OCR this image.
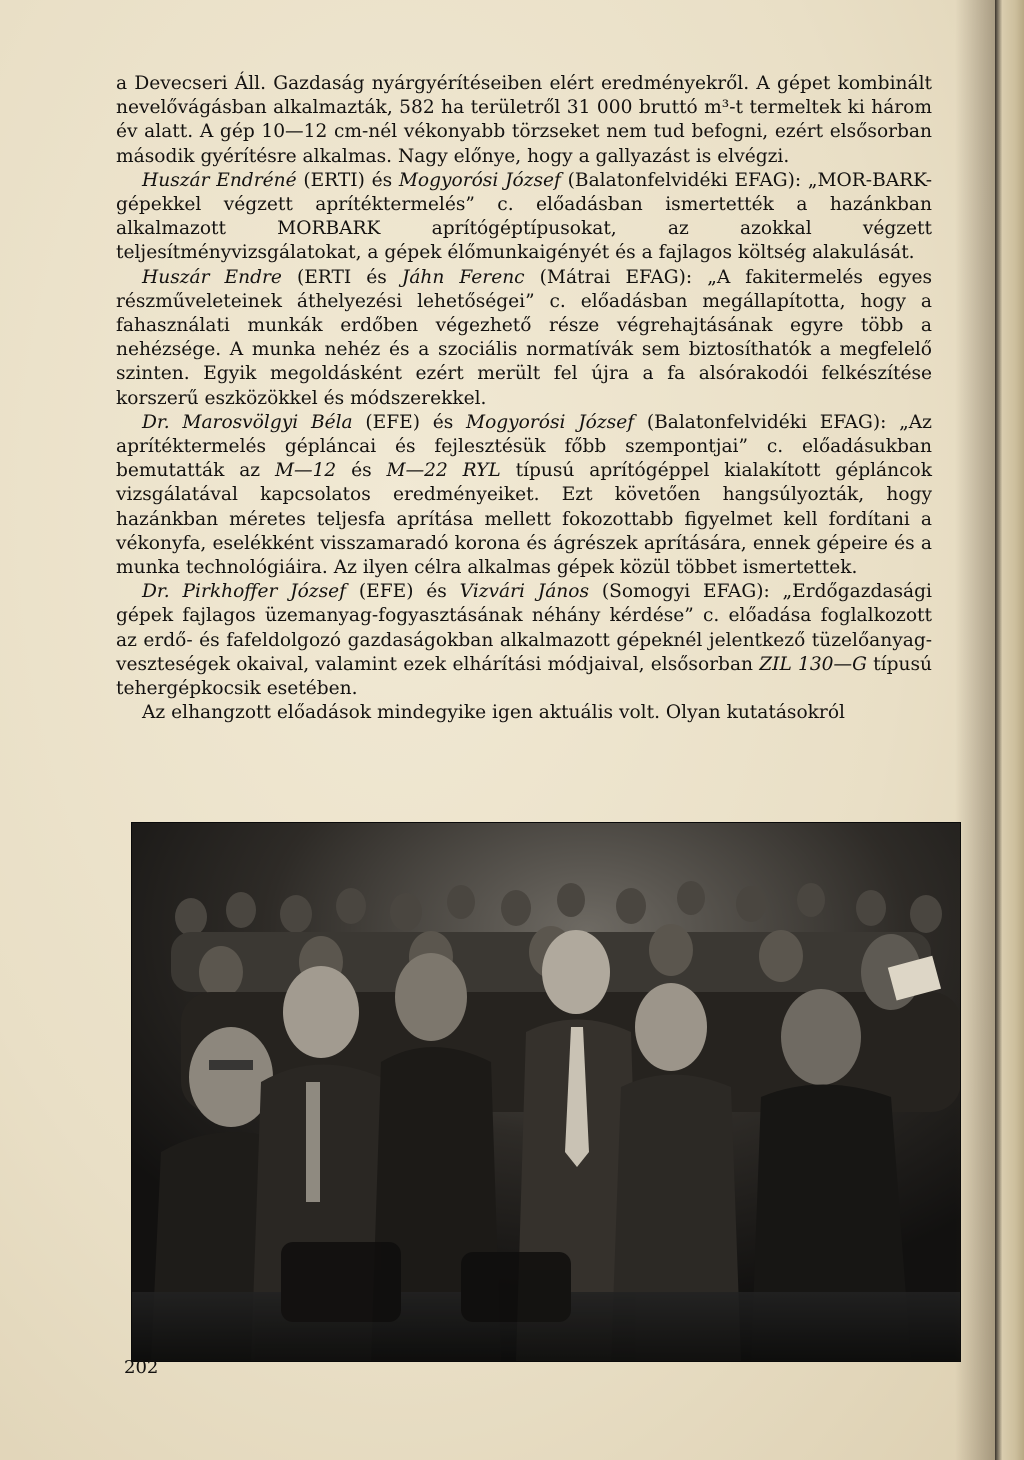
a Devecseri Áll. Gazdaság nyárgyérítéseiben elért eredményekről. A gépet kombinált nevelővágásban alkalmazták, 582 ha területről 31 000 bruttó m³-t termeltek ki három év alatt. A gép 10—12 cm-nél vékonyabb törzseket nem tud befogni, ezért elsősorban második gyérítésre alkalmas. Nagy előnye, hogy a gallyazást is elvégzi.

Huszár Endréné (ERTI) és Mogyorósi József (Balatonfelvidéki EFAG): „MOR-BARK-gépekkel végzett aprítéktermelés” c. előadásban ismertették a hazánkban alkalmazott MORBARK aprítógéptípusokat, az azokkal végzett teljesítményvizsgálatokat, a gépek élőmunkaigényét és a fajlagos költség alakulását.

Huszár Endre (ERTI és Jáhn Ferenc (Mátrai EFAG): „A fakitermelés egyes részműveleteinek áthelyezési lehetőségei” c. előadásban megállapította, hogy a fahasználati munkák erdőben végezhető része végrehajtásának egyre több a nehézsége. A munka nehéz és a szociális normatívák sem biztosíthatók a megfelelő szinten. Egyik megoldásként ezért merült fel újra a fa alsórakodói felkészítése korszerű eszközökkel és módszerekkel.

Dr. Marosvölgyi Béla (EFE) és Mogyorósi József (Balatonfelvidéki EFAG): „Az aprítéktermelés gépláncai és fejlesztésük főbb szempontjai” c. előadásukban bemutatták az M—12 és M—22 RYL típusú aprítógéppel kialakított gépláncok vizsgálatával kapcsolatos eredményeiket. Ezt követően hangsúlyozták, hogy hazánkban méretes teljesfa aprítása mellett fokozottabb figyelmet kell fordítani a vékonyfa, eselékként visszamaradó korona és ágrészek aprítására, ennek gépeire és a munka technológiáira. Az ilyen célra alkalmas gépek közül többet ismertettek.

Dr. Pirkhoffer József (EFE) és Vizvári János (Somogyi EFAG): „Erdőgazdasági gépek fajlagos üzemanyag-fogyasztásának néhány kérdése” c. előadása foglalkozott az erdő- és fafeldolgozó gazdaságokban alkalmazott gépeknél jelentkező tüzelőanyag-veszteségek okaival, valamint ezek elhárítási módjaival, elsősorban ZIL 130—G típusú tehergépkocsik esetében.

Az elhangzott előadások mindegyike igen aktuális volt. Olyan kutatásokról

202
